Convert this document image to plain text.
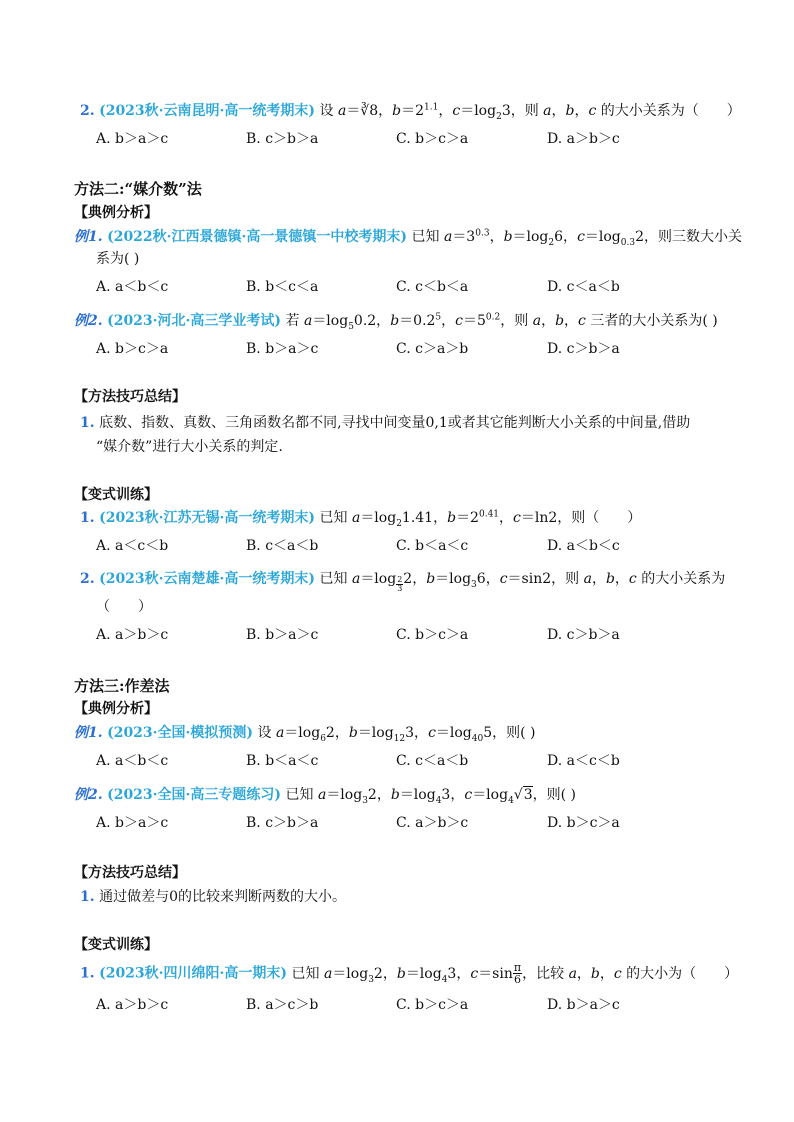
2. (2023秋·云南昆明·高一统考期末) 设 a＝∛8，$b=2^{1.1}$，$c=\log_23$，则 a，b，c 的大小关系为（　　）
A. b＞a＞c	B. c＞b＞a	C. b＞c＞a	D. a＞b＞c
方法二:“媒介数”法
【典例分析】
例1. (2022秋·江西景德镇·高一景德镇一中校考期末) 已知 $a=3^{0.3}$，$b=\log_26$，$c=\log_{0.3}2$，则三数大小关
系为( )
A. a＜b＜c	B. b＜c＜a	C. c＜b＜a	D. c＜a＜b
例2. (2023·河北·高三学业考试) 若 $a=\log_50.2$，$b=0.2^5$，$c=5^{0.2}$，则 a，b，c 三者的大小关系为( )
A. b＞c＞a	B. b＞a＞c	C. c＞a＞b	D. c＞b＞a
【方法技巧总结】
1. 底数、指数、真数、三角函数名都不同,寻找中间变量0,1或者其它能判断大小关系的中间量,借助
“媒介数”进行大小关系的判定.
【变式训练】
1. (2023秋·江苏无锡·高一统考期末) 已知 $a=\log_21.41$，$b=2^{0.41}$，c＝ln2，则（　　）
A. a＜c＜b	B. c＜a＜b	C. b＜a＜c	D. a＜b＜c
2. (2023秋·云南楚雄·高一统考期末) 已知 a＝log $_{\frac{2}{3}}$ 2，$b=\log_36$，c＝sin2，则 a，b，c 的大小关系为
（　　）
A. a＞b＞c	B. b＞a＞c	C. b＞c＞a	D. c＞b＞a
方法三:作差法
【典例分析】
例1. (2023·全国·模拟预测) 设 $a=\log_62$，$b=\log_{12}3$，$c=\log_{40}5$，则( )
A. a＜b＜c	B. b＜a＜c	C. c＜a＜b	D. a＜c＜b
例2. (2023·全国·高三专题练习) 已知 $a=\log_32$，$b=\log_43$，$c=\log_4√3$，则( )
A. b＞a＞c	B. c＞b＞a	C. a＞b＞c	D. b＞c＞a
【方法技巧总结】
1. 通过做差与0的比较来判断两数的大小。
【变式训练】
1. (2023秋·四川绵阳·高一期末) 已知 $a=\log_32$，$b=\log_43$，$c=\sin \frac{\pi}{6}$ ，比较 a，b，c 的大小为（　　）
A. a＞b＞c	B. a＞c＞b	C. b＞c＞a	D. b＞a＞c
